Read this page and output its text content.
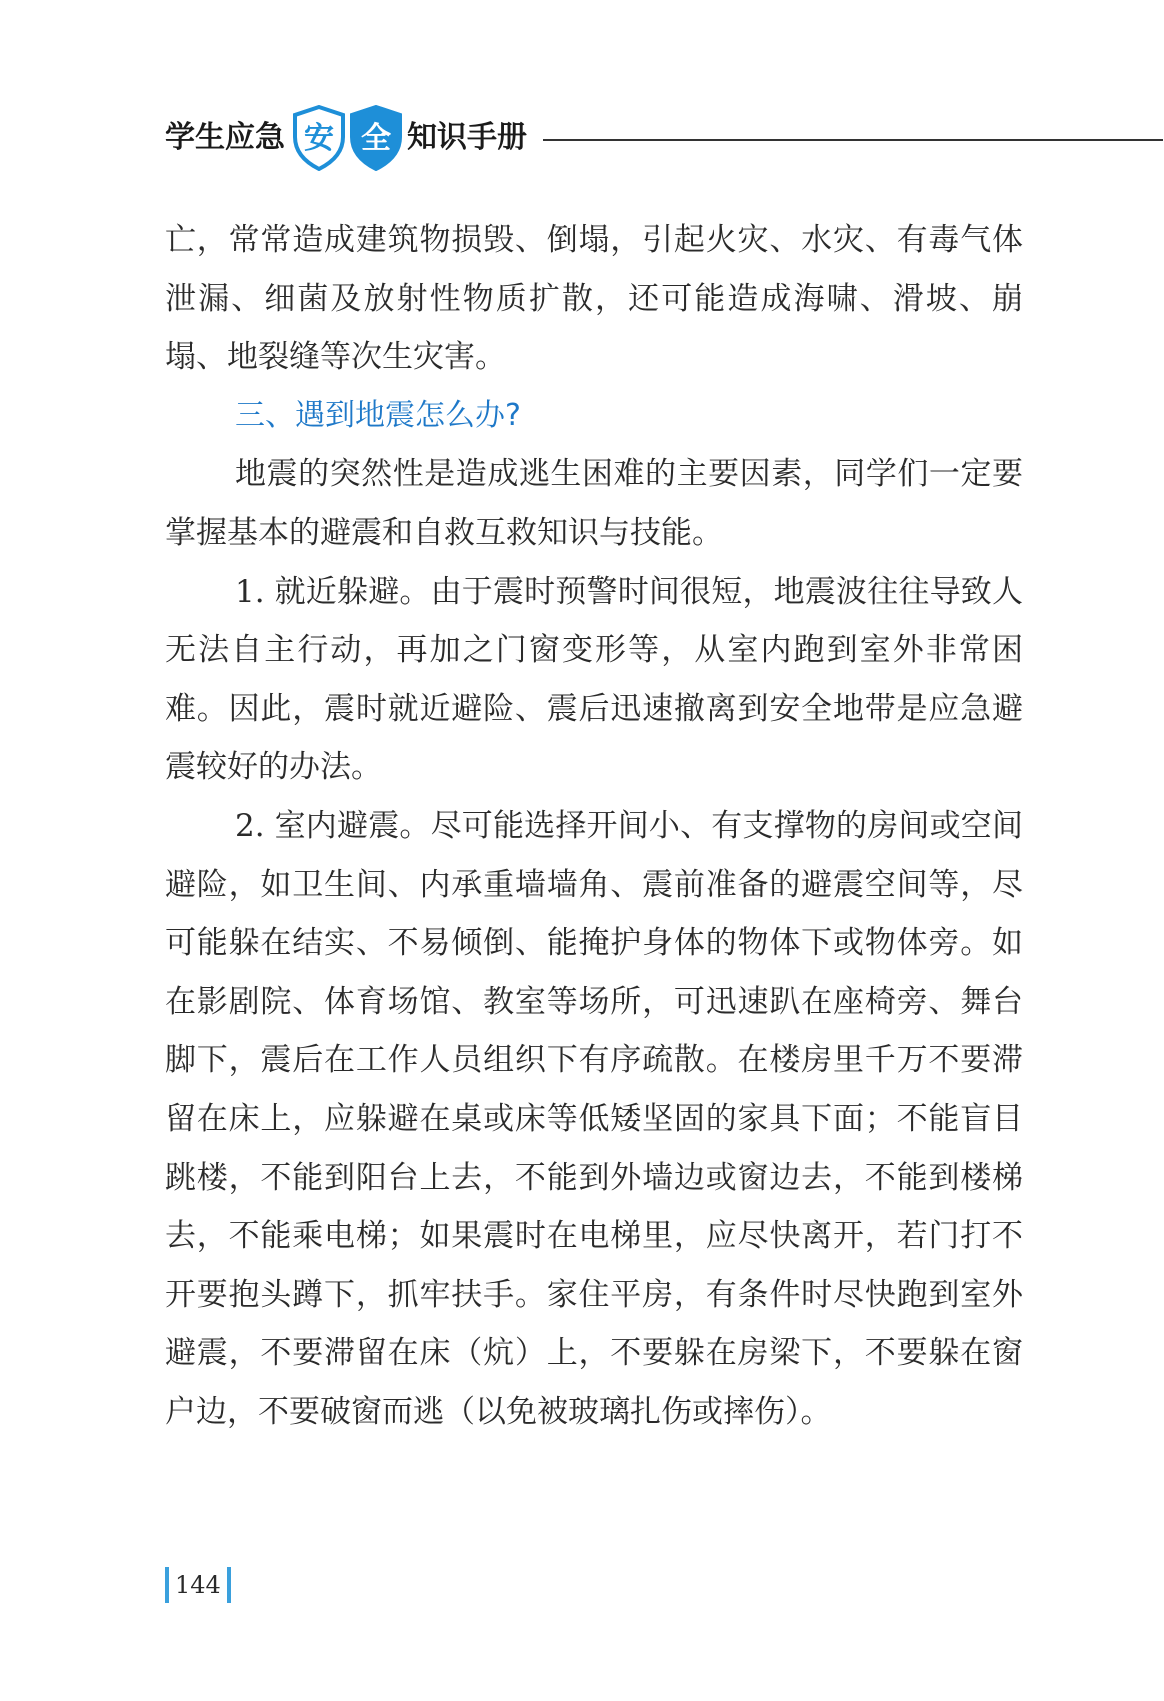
学生应急 安 全 知识手册

亡，常常造成建筑物损毁、倒塌，引起火灾、水灾、有毒气体泄漏、细菌及放射性物质扩散，还可能造成海啸、滑坡、崩塌、地裂缝等次生灾害。

三、遇到地震怎么办?

地震的突然性是造成逃生困难的主要因素，同学们一定要掌握基本的避震和自救互救知识与技能。

1. 就近躲避。由于震时预警时间很短，地震波往往导致人无法自主行动，再加之门窗变形等，从室内跑到室外非常困难。因此，震时就近避险、震后迅速撤离到安全地带是应急避震较好的办法。

2. 室内避震。尽可能选择开间小、有支撑物的房间或空间避险，如卫生间、内承重墙墙角、震前准备的避震空间等，尽可能躲在结实、不易倾倒、能掩护身体的物体下或物体旁。如在影剧院、体育场馆、教室等场所，可迅速趴在座椅旁、舞台脚下，震后在工作人员组织下有序疏散。在楼房里千万不要滞留在床上，应躲避在桌或床等低矮坚固的家具下面；不能盲目跳楼，不能到阳台上去，不能到外墙边或窗边去，不能到楼梯去，不能乘电梯；如果震时在电梯里，应尽快离开，若门打不开要抱头蹲下，抓牢扶手。家住平房，有条件时尽快跑到室外避震，不要滞留在床（炕）上，不要躲在房梁下，不要躲在窗户边，不要破窗而逃（以免被玻璃扎伤或摔伤）。

144
